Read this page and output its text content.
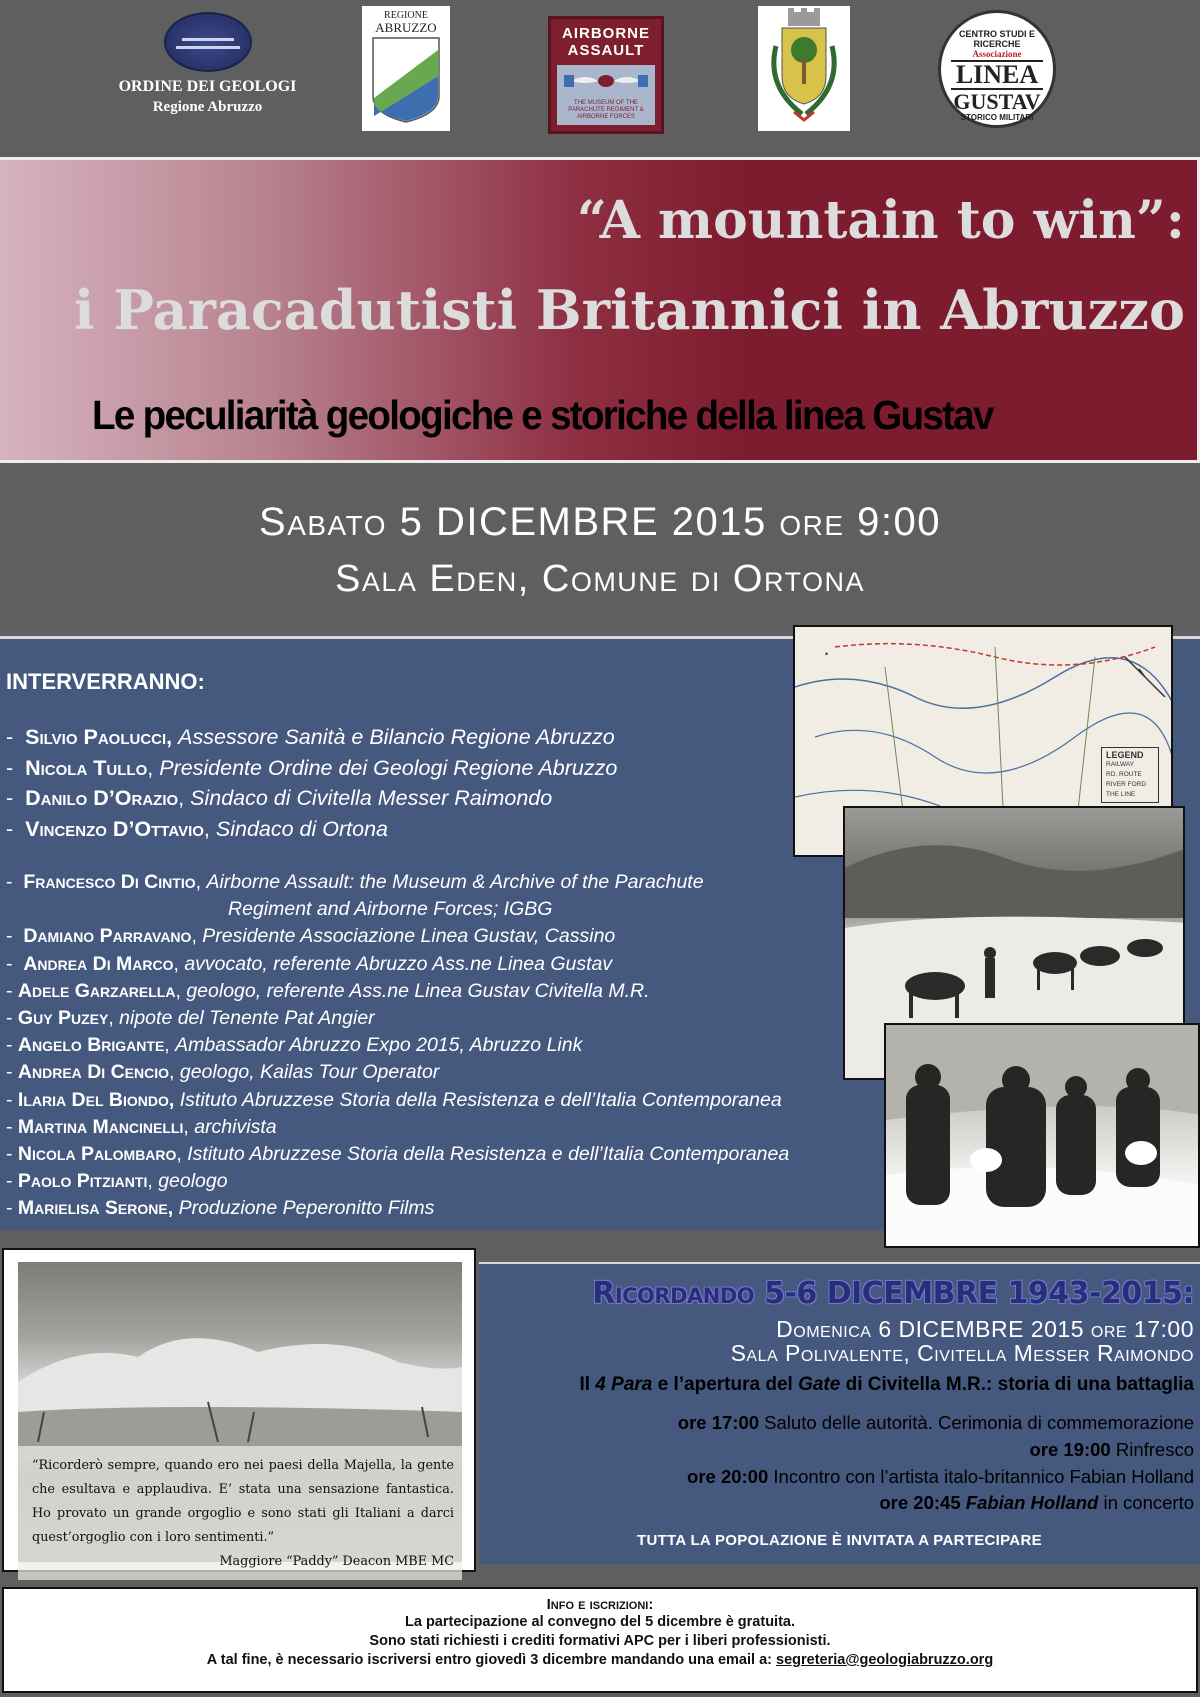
ORDINE DEI GEOLOGI
Regione Abruzzo
REGIONE
ABRUZZO	AIRBORNE
ASSAULT
THE MUSEUM OF THE PARACHUTE REGIMENT & AIRBORNE FORCES
CENTRO STUDI E RICERCHE
Associazione
LINEA
GUSTAV
STORICO MILITARI
“A mountain to win”:
i Paracadutisti Britannici in Abruzzo
Le peculiarità geologiche e storiche della linea Gustav
Sabato 5 DICEMBRE 2015 ore 9:00
Sala Eden, Comune di Ortona
INTERVERRANNO:
-  Silvio Paolucci, Assessore Sanità e Bilancio Regione Abruzzo
-  Nicola Tullo, Presidente Ordine dei Geologi Regione Abruzzo
-  Danilo D’Orazio, Sindaco di Civitella Messer Raimondo
-  Vincenzo D’Ottavio, Sindaco di Ortona
-  Francesco Di Cintio, Airborne Assault: the Museum & Archive of the Parachute
Regiment and Airborne Forces; IGBG
-  Damiano Parravano, Presidente Associazione Linea Gustav, Cassino
-  Andrea Di Marco, avvocato, referente Abruzzo Ass.ne Linea Gustav
- Adele Garzarella, geologo, referente Ass.ne Linea Gustav Civitella M.R.
- Guy Puzey, nipote del Tenente Pat Angier
- Angelo Brigante, Ambassador Abruzzo Expo 2015, Abruzzo Link
- Andrea Di Cencio, geologo, Kailas Tour Operator
- Ilaria Del Biondo, Istituto Abruzzese Storia della Resistenza e dell’Italia Contemporanea
- Martina Mancinelli, archivista
- Nicola Palombaro, Istituto Abruzzese Storia della Resistenza e dell’Italia Contemporanea
- Paolo Pitzianti, geologo
- Marielisa Serone, Produzione Peperonitto Films
•
LEGEND
RAILWAY
RD. ROUTE
RIVER FORD
THE LINE
“Ricorderò sempre, quando ero nei paesi della Majella, la gente che esultava e applaudiva. E’ stata una sensazione fantastica. Ho provato un grande orgoglio e sono stati gli Italiani a darci quest’orgoglio con i loro sentimenti.”
Maggiore “Paddy” Deacon MBE MC
Ricordando 5-6 DICEMBRE 1943-2015:
Domenica 6 DICEMBRE 2015 ore 17:00
Sala Polivalente, Civitella Messer Raimondo
Il 4 Para e l’apertura del Gate di Civitella M.R.: storia di una battaglia
ore 17:00 Saluto delle autorità. Cerimonia di commemorazione
ore 19:00 Rinfresco
ore 20:00 Incontro con l’artista italo-britannico Fabian Holland
ore 20:45 Fabian Holland in concerto
TUTTA LA POPOLAZIONE È INVITATA A PARTECIPARE
Info e iscrizioni:
La partecipazione al convegno del 5 dicembre è gratuita.
Sono stati richiesti i crediti formativi APC per i liberi professionisti.
A tal fine, è necessario iscriversi entro giovedì 3 dicembre mandando una email a: segreteria@geologiabruzzo.org
